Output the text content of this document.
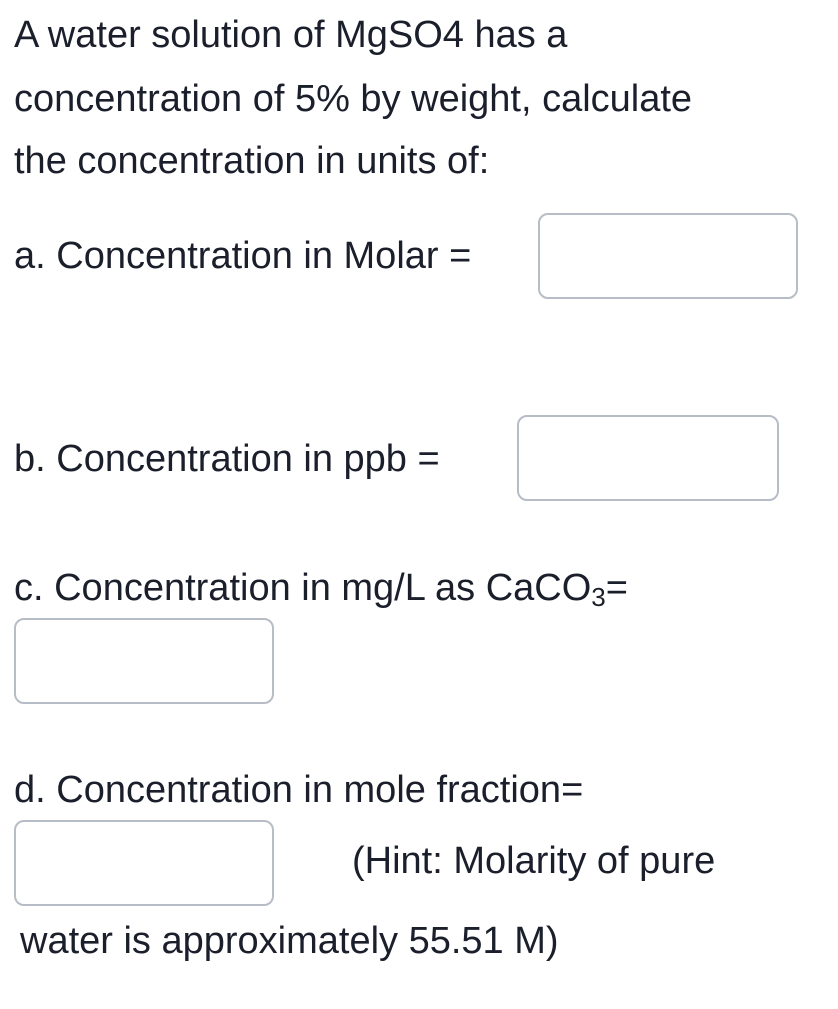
A water solution of MgSO4 has a
concentration of 5% by weight, calculate
the concentration in units of:
a. Concentration in Molar =
b. Concentration in ppb =
c. Concentration in mg/L as CaCO$_3$=
d. Concentration in mole fraction=
(Hint: Molarity of pure
water is approximately 55.51 M)
